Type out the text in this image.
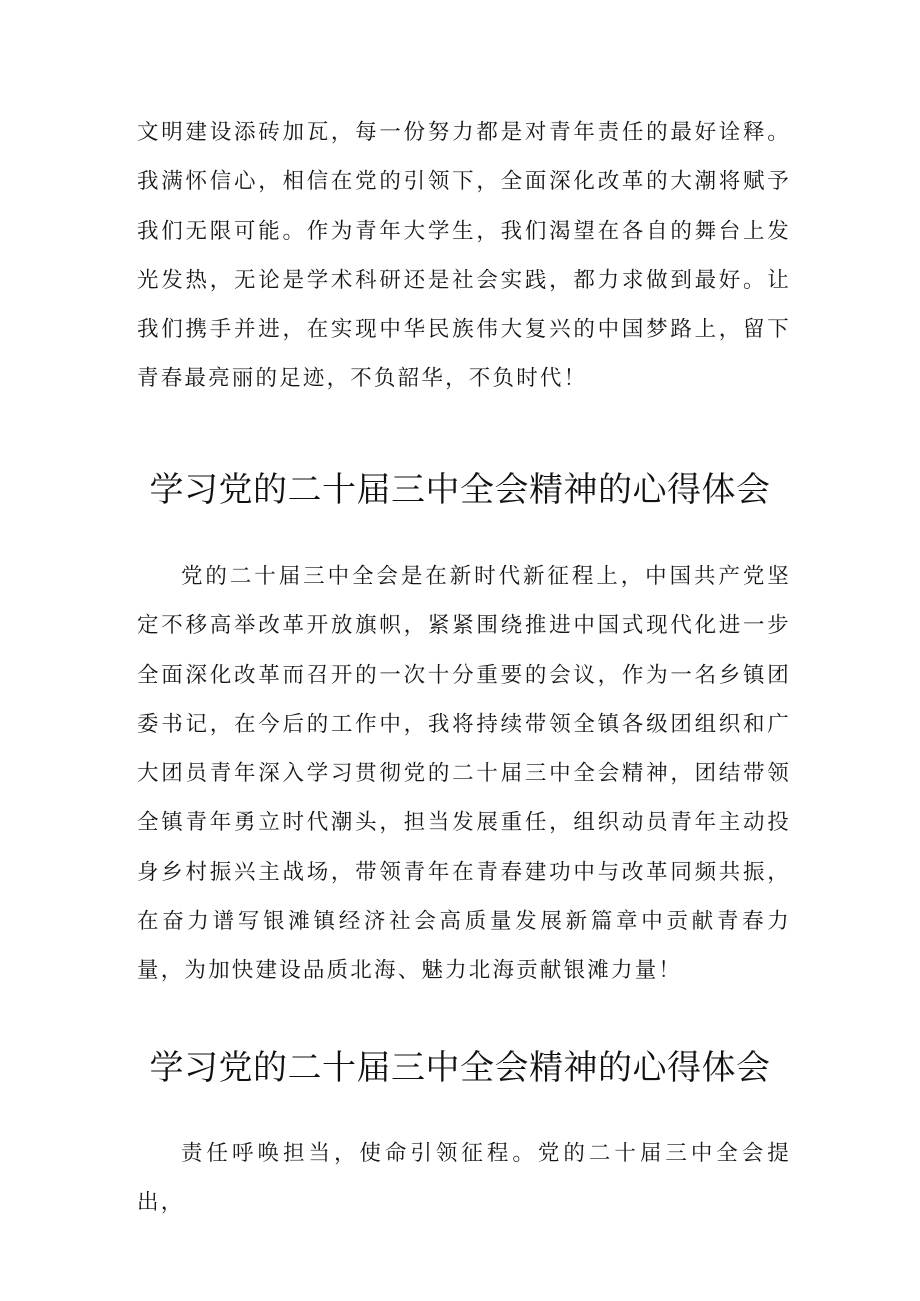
文明建设添砖加瓦，每一份努力都是对青年责任的最好诠释。我满怀信心，相信在党的引领下，全面深化改革的大潮将赋予我们无限可能。作为青年大学生，我们渴望在各自的舞台上发光发热，无论是学术科研还是社会实践，都力求做到最好。让我们携手并进，在实现中华民族伟大复兴的中国梦路上，留下青春最亮丽的足迹，不负韶华，不负时代！

学习党的二十届三中全会精神的心得体会

党的二十届三中全会是在新时代新征程上，中国共产党坚定不移高举改革开放旗帜，紧紧围绕推进中国式现代化进一步全面深化改革而召开的一次十分重要的会议，作为一名乡镇团委书记，在今后的工作中，我将持续带领全镇各级团组织和广大团员青年深入学习贯彻党的二十届三中全会精神，团结带领全镇青年勇立时代潮头，担当发展重任，组织动员青年主动投身乡村振兴主战场，带领青年在青春建功中与改革同频共振，在奋力谱写银滩镇经济社会高质量发展新篇章中贡献青春力量，为加快建设品质北海、魅力北海贡献银滩力量！

学习党的二十届三中全会精神的心得体会

责任呼唤担当，使命引领征程。党的二十届三中全会提出，
